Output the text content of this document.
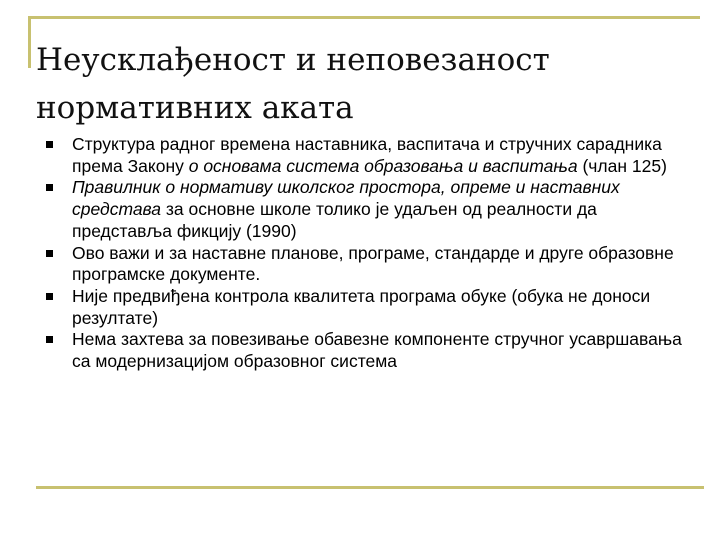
Неусклађеност и неповезаност нормативних аката
Структура радног времена наставника, васпитача и стручних сарадника према Закону о основама система образовања и васпитања (члан 125)
Правилник о нормативу школског простора, опреме и наставних средстава за основне школе толико је удаљен од реалности да представља фикцију (1990)
Ово важи и за наставне планове, програме, стандарде и друге образовне програмске документе.
Није предвиђена контрола квалитета програма обуке (обука не доноси резултате)
Нема захтева за повезивање обавезне компоненте стручног усавршавања са модернизацијом образовног система
